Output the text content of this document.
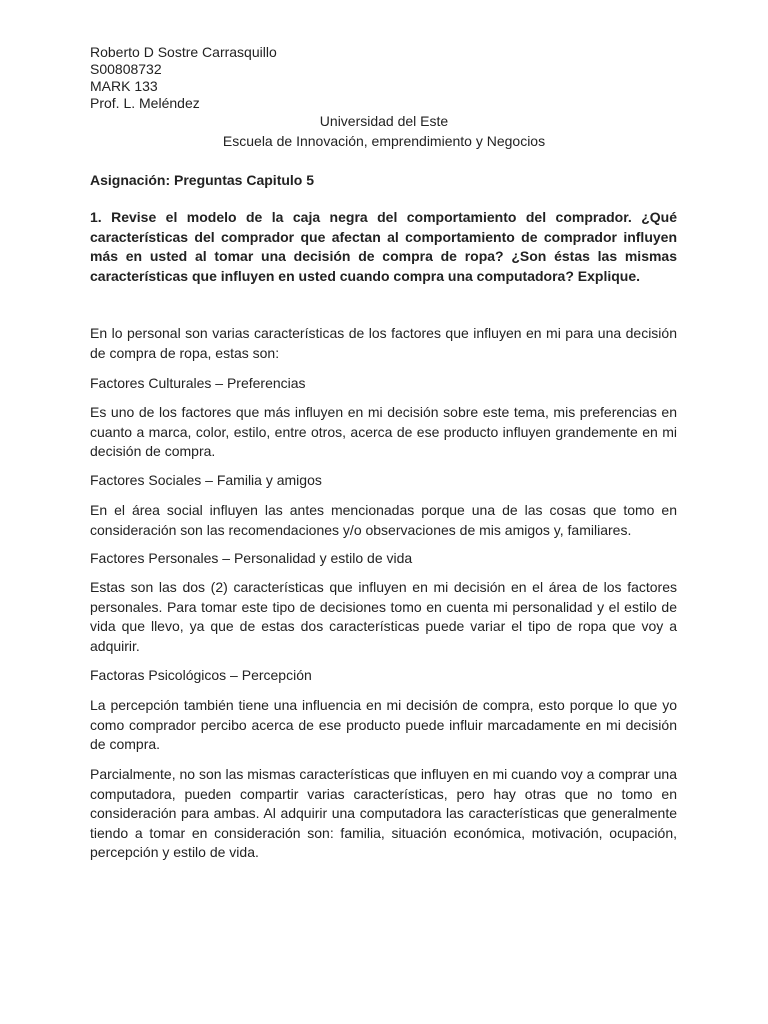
Roberto D Sostre Carrasquillo
S00808732
MARK 133
Prof. L. Meléndez
Universidad del Este
Escuela de Innovación, emprendimiento y Negocios
Asignación: Preguntas Capitulo 5

1. Revise el modelo de la caja negra del comportamiento del comprador. ¿Qué características del comprador que afectan al comportamiento de comprador influyen más en usted al tomar una decisión de compra de ropa? ¿Son éstas las mismas características que influyen en usted cuando compra una computadora? Explique.

En lo personal son varias características de los factores que influyen en mi para una decisión de compra de ropa, estas son:

Factores Culturales – Preferencias

Es uno de los factores que más influyen en mi decisión sobre este tema, mis preferencias en cuanto a marca, color, estilo, entre otros, acerca de ese producto influyen grandemente en mi decisión de compra.

Factores Sociales – Familia y amigos

En el área social influyen las antes mencionadas porque una de las cosas que tomo en consideración son las recomendaciones y/o observaciones de mis amigos y, familiares.

Factores Personales – Personalidad y estilo de vida

Estas son las dos (2) características que influyen en mi decisión en el área de los factores personales. Para tomar este tipo de decisiones tomo en cuenta mi personalidad y el estilo de vida que llevo, ya que de estas dos características puede variar el tipo de ropa que voy a adquirir.

Factoras Psicológicos – Percepción

La percepción también tiene una influencia en mi decisión de compra, esto porque lo que yo como comprador percibo acerca de ese producto puede influir marcadamente en mi decisión de compra.

Parcialmente, no son las mismas características que influyen en mi cuando voy a comprar una computadora, pueden compartir varias características, pero hay otras que no tomo en consideración para ambas. Al adquirir una computadora las características que generalmente tiendo a tomar en consideración son: familia, situación económica, motivación, ocupación, percepción y estilo de vida.
